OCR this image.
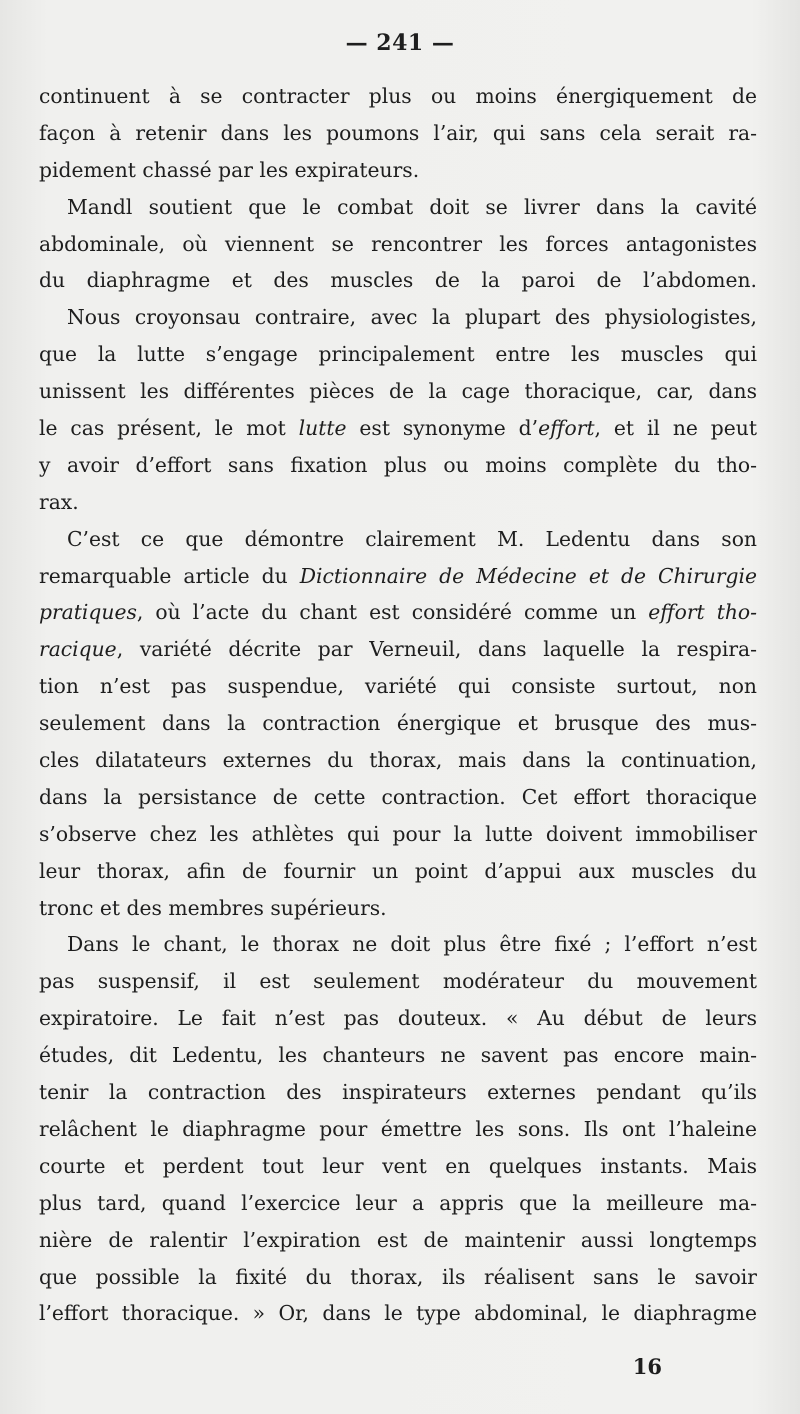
— 241 —
continuent à se contracter plus ou moins énergiquement de
façon à retenir dans les poumons l’air, qui sans cela serait ra-
pidement chassé par les expirateurs.
Mandl soutient que le combat doit se livrer dans la cavité
abdominale, où viennent se rencontrer les forces antagonistes
du diaphragme et des muscles de la paroi de l’abdomen.
Nous croyonsau contraire, avec la plupart des physiologistes,
que la lutte s’engage principalement entre les muscles qui
unissent les différentes pièces de la cage thoracique, car, dans
le cas présent, le mot lutte est synonyme d’effort, et il ne peut
y avoir d’effort sans fixation plus ou moins complète du tho-
rax.
C’est ce que démontre clairement M. Ledentu dans son
remarquable article du Dictionnaire de Médecine et de Chirurgie
pratiques, où l’acte du chant est considéré comme un effort tho-
racique, variété décrite par Verneuil, dans laquelle la respira-
tion n’est pas suspendue, variété qui consiste surtout, non
seulement dans la contraction énergique et brusque des mus-
cles dilatateurs externes du thorax, mais dans la continuation,
dans la persistance de cette contraction. Cet effort thoracique
s’observe chez les athlètes qui pour la lutte doivent immobiliser
leur thorax, afin de fournir un point d’appui aux muscles du
tronc et des membres supérieurs.
Dans le chant, le thorax ne doit plus être fixé ; l’effort n’est
pas suspensif, il est seulement modérateur du mouvement
expiratoire. Le fait n’est pas douteux. « Au début de leurs
études, dit Ledentu, les chanteurs ne savent pas encore main-
tenir la contraction des inspirateurs externes pendant qu’ils
relâchent le diaphragme pour émettre les sons. Ils ont l’haleine
courte et perdent tout leur vent en quelques instants. Mais
plus tard, quand l’exercice leur a appris que la meilleure ma-
nière de ralentir l’expiration est de maintenir aussi longtemps
que possible la fixité du thorax, ils réalisent sans le savoir
l’effort thoracique. » Or, dans le type abdominal, le diaphragme
16
